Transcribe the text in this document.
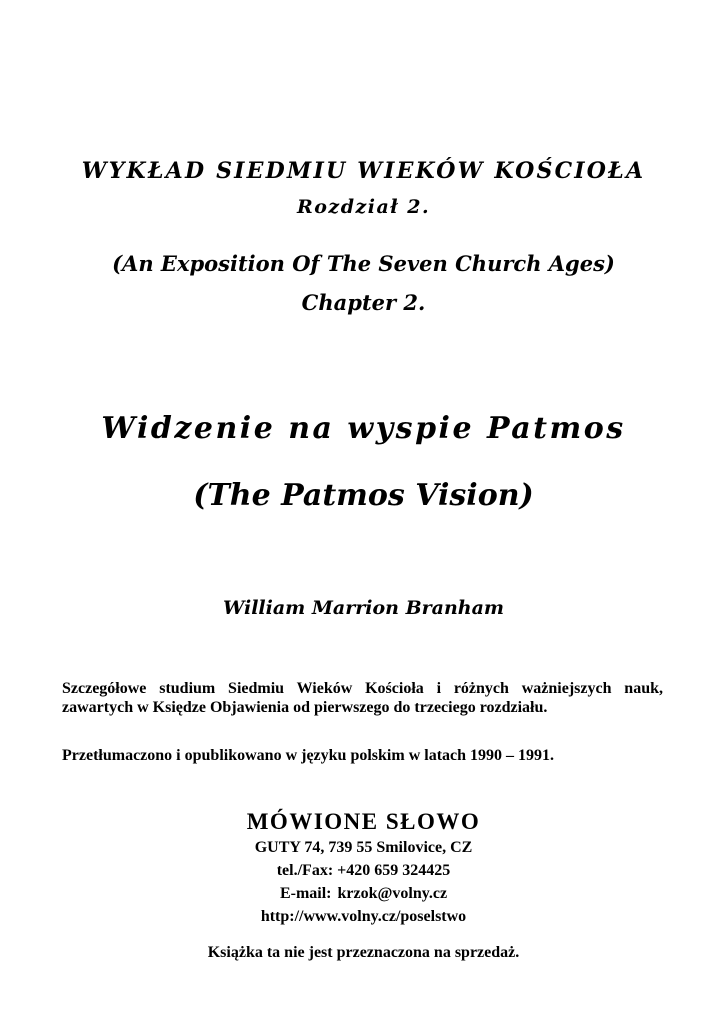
WYKŁAD SIEDMIU WIEKÓW KOŚCIOŁA
Rozdział 2.
(An Exposition Of The Seven Church Ages)
Chapter 2.
Widzenie na wyspie Patmos
(The Patmos Vision)
William Marrion Branham
Szczegółowe studium Siedmiu Wieków Kościoła i różnych ważniejszych nauk, zawartych w Księdze Objawienia od pierwszego do trzeciego rozdziału.
Przetłumaczono i opublikowano w języku polskim w latach 1990 – 1991.
MÓWIONE SŁOWO
GUTY 74, 739 55 Smilovice, CZ
tel./Fax: +420 659 324425
E-mail: krzok@volny.cz
http://www.volny.cz/poselstwo
Książka ta nie jest przeznaczona na sprzedaż.
